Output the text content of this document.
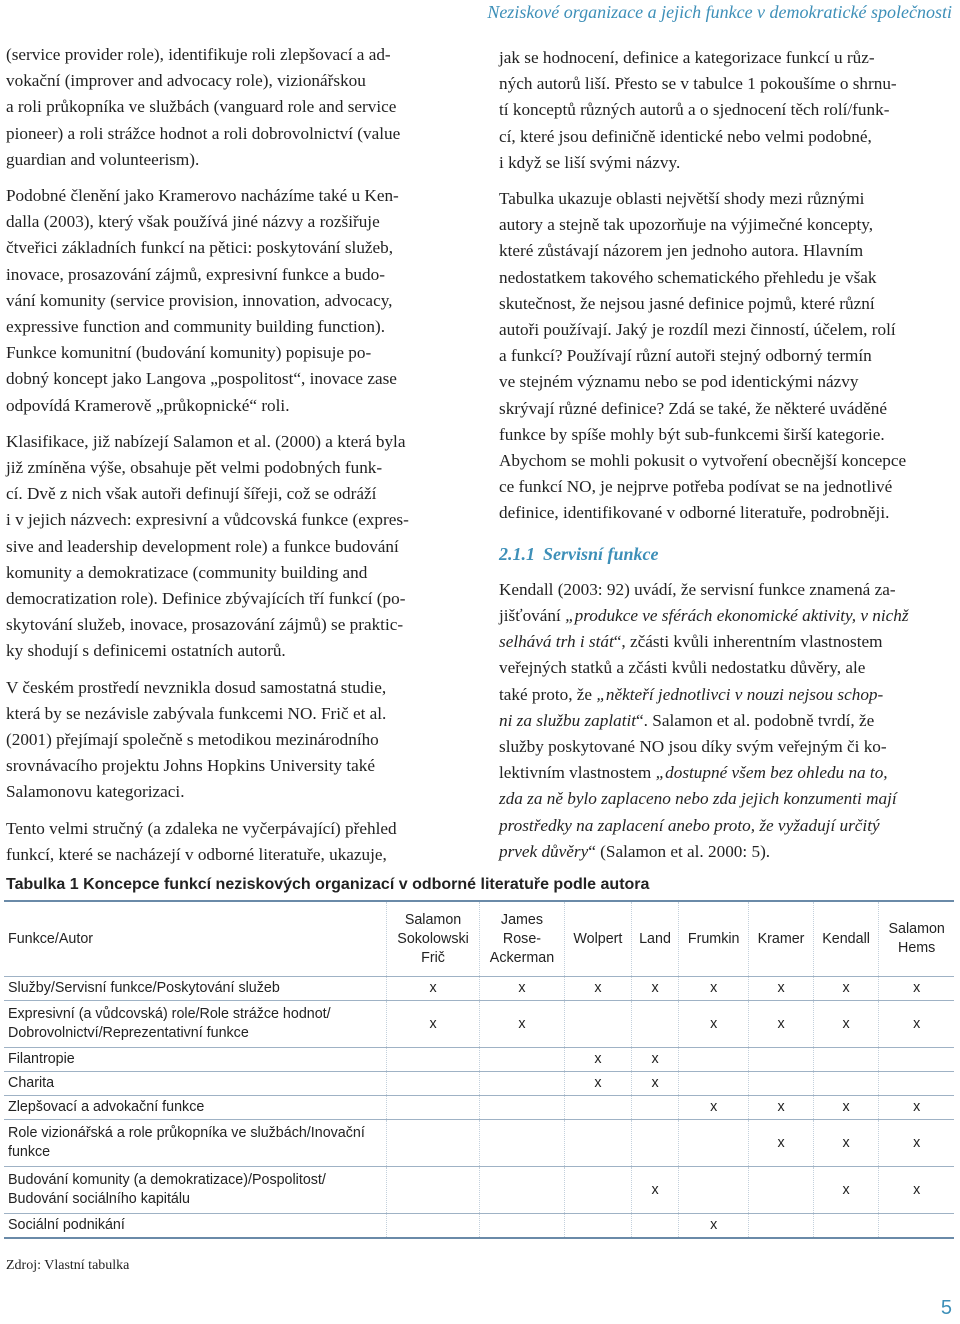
Neziskové organizace a jejich funkce v demokratické společnosti

(service provider role), identifikuje roli zlepšovací a ad-
vokační (improver and advocacy role), vizionářskou
a roli průkopníka ve službách (vanguard role and service
pioneer) a roli strážce hodnot a roli dobrovolnictví (value
guardian and volunteerism).

Podobné členění jako Kramerovo nacházíme také u Ken-
dalla (2003), který však používá jiné názvy a rozšiřuje
čtveřici základních funkcí na pětici: poskytování služeb,
inovace, prosazování zájmů, expresivní funkce a budo-
vání komunity (service provision, innovation, advocacy,
expressive function and community building function).
Funkce komunitní (budování komunity) popisuje po-
dobný koncept jako Langova „pospolitost“, inovace zase
odpovídá Kramerově „průkopnické“ roli.

Klasifikace, již nabízejí Salamon et al. (2000) a která byla
již zmíněna výše, obsahuje pět velmi podobných funk-
cí. Dvě z nich však autoři definují šířeji, což se odráží
i v jejich názvech: expresivní a vůdcovská funkce (expres-
sive and leadership development role) a funkce budování
komunity a demokratizace (community building and
democratization role). Definice zbývajících tří funkcí (po-
skytování služeb, inovace, prosazování zájmů) se praktic-
ky shodují s definicemi ostatních autorů.

V českém prostředí nevznikla dosud samostatná studie,
která by se nezávisle zabývala funkcemi NO. Frič et al.
(2001) přejímají společně s metodikou mezinárodního
srovnávacího projektu Johns Hopkins University také
Salamonovu kategorizaci.

Tento velmi stručný (a zdaleka ne vyčerpávající) přehled
funkcí, které se nacházejí v odborné literatuře, ukazuje,

jak se hodnocení, definice a kategorizace funkcí u růz-
ných autorů liší. Přesto se v tabulce 1 pokoušíme o shrnu-
tí konceptů různých autorů a o sjednocení těch rolí/funk-
cí, které jsou definičně identické nebo velmi podobné,
i když se liší svými názvy.

Tabulka ukazuje oblasti největší shody mezi různými
autory a stejně tak upozorňuje na výjimečné koncepty,
které zůstávají názorem jen jednoho autora. Hlavním
nedostatkem takového schematického přehledu je však
skutečnost, že nejsou jasné definice pojmů, které různí
autoři používají. Jaký je rozdíl mezi činností, účelem, rolí
a funkcí? Používají různí autoři stejný odborný termín
ve stejném významu nebo se pod identickými názvy
skrývají různé definice? Zdá se také, že některé uváděné
funkce by spíše mohly být sub-funkcemi širší kategorie.
Abychom se mohli pokusit o vytvoření obecnější koncepce
ce funkcí NO, je nejprve potřeba podívat se na jednotlivé
definice, identifikované v odborné literatuře, podrobněji.

2.1.1 Servisní funkce

Kendall (2003: 92) uvádí, že servisní funkce znamená za-
jišťování „produkce ve sférách ekonomické aktivity, v nichž
selhává trh i stát“, zčásti kvůli inherentním vlastnostem
veřejných statků a zčásti kvůli nedostatku důvěry, ale
také proto, že „někteří jednotlivci v nouzi nejsou schop-
ni za službu zaplatit“. Salamon et al. podobně tvrdí, že
služby poskytované NO jsou díky svým veřejným či ko-
lektivním vlastnostem „dostupné všem bez ohledu na to,
zda za ně bylo zaplaceno nebo zda jejich konzumenti mají
prostředky na zaplacení anebo proto, že vyžadují určitý
prvek důvěry“ (Salamon et al. 2000: 5).

Tabulka 1 Koncepce funkcí neziskových organizací v odborné literatuře podle autora
Funkce/Autor	Salamon
Sokolowski
Frič	James
Rose-
Ackerman	Wolpert	Land	Frumkin	Kramer	Kendall	Salamon
Hems
Služby/Servisní funkce/Poskytování služeb	x	x	x	x	x	x	x	x
Expresivní (a vůdcovská) role/Role strážce hodnot/
Dobrovolnictví/Reprezentativní funkce	x	x			x	x	x	x
Filantropie			x	x				
Charita			x	x				
Zlepšovací a advokační funkce					x	x	x	x
Role vizionářská a role průkopníka ve službách/Inovační
funkce						x	x	x
Budování komunity (a demokratizace)/Pospolitost/
Budování sociálního kapitálu				x			x	x
Sociální podnikání					x			
Zdroj: Vlastní tabulka
5
